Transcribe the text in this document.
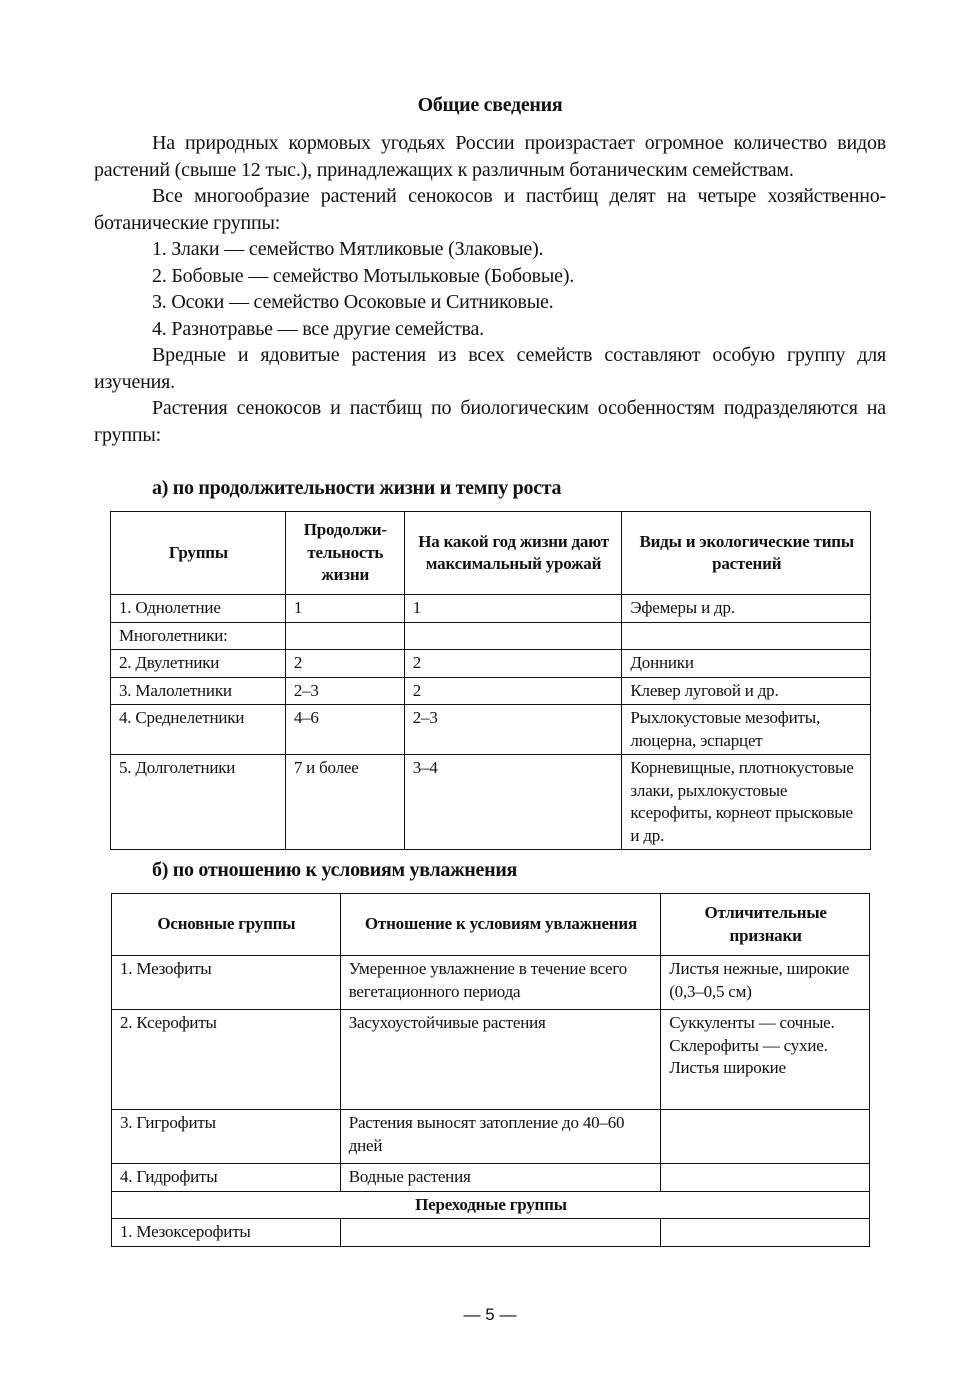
Общие сведения

На природных кормовых угодьях России произрастает огромное количество видов растений (свыше 12 тыс.), принадлежащих к различным ботаническим семействам.

Все многообразие растений сенокосов и пастбищ делят на четыре хозяйственно-ботанические группы:

1. Злаки — семейство Мятликовые (Злаковые).

2. Бобовые — семейство Мотыльковые (Бобовые).

3. Осоки — семейство Осоковые и Ситниковые.

4. Разнотравье — все другие семейства.

Вредные и ядовитые растения из всех семейств составляют особую группу для изучения.

Растения сенокосов и пастбищ по биологическим особенностям подразделяются на группы:

а) по продолжительности жизни и темпу роста
Группы	Продолжи-тельность жизни	На какой год жизни дают максимальный урожай	Виды и экологические типы растений
1. Однолетние	1	1	Эфемеры и др.
Многолетники:			
2. Двулетники	2	2	Донники
3. Малолетники	2–3	2	Клевер луговой и др.
4. Среднелетники	4–6	2–3	Рыхлокустовые мезофиты, люцерна, эспарцет
5. Долголетники	7 и более	3–4	Корневищные, плотнокустовые злаки, рыхлокустовые ксерофиты, корнеот прысковые и др.
б) по отношению к условиям увлажнения
Основные группы	Отношение к условиям увлажнения	Отличительные признаки
1. Мезофиты	Умеренное увлажнение в течение всего вегетационного периода	Листья нежные, широкие (0,3–0,5 см)
2. Ксерофиты	Засухоустойчивые растения	Суккуленты — сочные. Склерофиты — сухие. Листья широкие
3. Гигрофиты	Растения выносят затопление до 40–60 дней	
4. Гидрофиты	Водные растения	
Переходные группы		
1. Мезоксерофиты		
— 5 —
